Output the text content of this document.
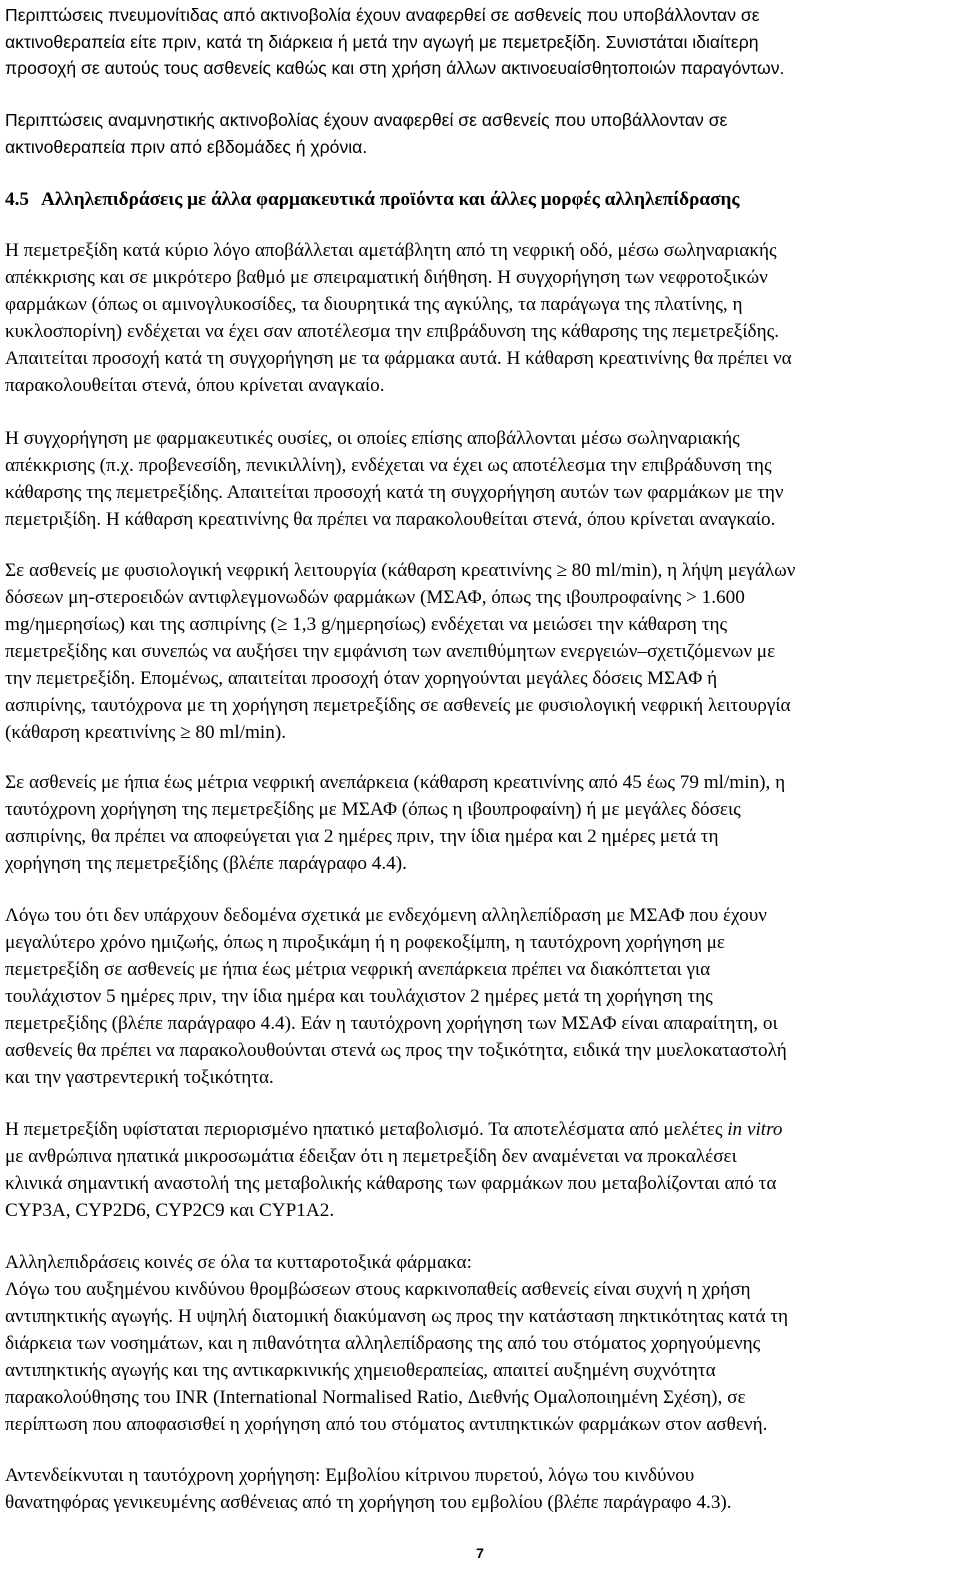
Περιπτώσεις πνευμονίτιδας από ακτινοβολία έχουν αναφερθεί σε ασθενείς που υποβάλλονταν σε
ακτινοθεραπεία είτε πριν, κατά τη διάρκεια ή μετά την αγωγή με πεμετρεξίδη. Συνιστάται ιδιαίτερη
προσοχή σε αυτούς τους ασθενείς καθώς και στη χρήση άλλων ακτινοευαίσθητοποιών παραγόντων.
Περιπτώσεις αναμνηστικής ακτινοβολίας έχουν αναφερθεί σε ασθενείς που υποβάλλονταν σε
ακτινοθεραπεία πριν από εβδομάδες ή χρόνια.
4.5 Αλληλεπιδράσεις με άλλα φαρμακευτικά προϊόντα και άλλες μορφές αλληλεπίδρασης
Η πεμετρεξίδη κατά κύριο λόγο αποβάλλεται αμετάβλητη από τη νεφρική οδό, μέσω σωληναριακής
απέκκρισης και σε μικρότερο βαθμό με σπειραματική διήθηση. Η συγχορήγηση των νεφροτοξικών
φαρμάκων (όπως οι αμινογλυκοσίδες, τα διουρητικά της αγκύλης, τα παράγωγα της πλατίνης, η
κυκλοσπορίνη) ενδέχεται να έχει σαν αποτέλεσμα την επιβράδυνση της κάθαρσης της πεμετρεξίδης.
Απαιτείται προσοχή κατά τη συγχορήγηση με τα φάρμακα αυτά. Η κάθαρση κρεατινίνης θα πρέπει να
παρακολουθείται στενά, όπου κρίνεται αναγκαίο.
Η συγχορήγηση με φαρμακευτικές ουσίες, οι οποίες επίσης αποβάλλονται μέσω σωληναριακής
απέκκρισης (π.χ. προβενεσίδη, πενικιλλίνη), ενδέχεται να έχει ως αποτέλεσμα την επιβράδυνση της
κάθαρσης της πεμετρεξίδης. Απαιτείται προσοχή κατά τη συγχορήγηση αυτών των φαρμάκων με την
πεμετριξίδη. Η κάθαρση κρεατινίνης θα πρέπει να παρακολουθείται στενά, όπου κρίνεται αναγκαίο.
Σε ασθενείς με φυσιολογική νεφρική λειτουργία (κάθαρση κρεατινίνης ≥ 80 ml/min), η λήψη μεγάλων
δόσεων μη-στεροειδών αντιφλεγμονωδών φαρμάκων (ΜΣΑΦ, όπως της ιβουπροφαίνης > 1.600
mg/ημερησίως) και της ασπιρίνης (≥ 1,3 g/ημερησίως) ενδέχεται να μειώσει την κάθαρση της
πεμετρεξίδης και συνεπώς να αυξήσει την εμφάνιση των ανεπιθύμητων ενεργειών–σχετιζόμενων με
την πεμετρεξίδη. Επομένως, απαιτείται προσοχή όταν χορηγούνται μεγάλες δόσεις ΜΣΑΦ ή
ασπιρίνης, ταυτόχρονα με τη χορήγηση πεμετρεξίδης σε ασθενείς με φυσιολογική νεφρική λειτουργία
(κάθαρση κρεατινίνης ≥ 80 ml/min).
Σε ασθενείς με ήπια έως μέτρια νεφρική ανεπάρκεια (κάθαρση κρεατινίνης από 45 έως 79 ml/min), η
ταυτόχρονη χορήγηση της πεμετρεξίδης με ΜΣΑΦ (όπως η ιβουπροφαίνη) ή με μεγάλες δόσεις
ασπιρίνης, θα πρέπει να αποφεύγεται για 2 ημέρες πριν, την ίδια ημέρα και 2 ημέρες μετά τη
χορήγηση της πεμετρεξίδης (βλέπε παράγραφο 4.4).
Λόγω του ότι δεν υπάρχουν δεδομένα σχετικά με ενδεχόμενη αλληλεπίδραση με ΜΣΑΦ που έχουν
μεγαλύτερο χρόνο ημιζωής, όπως η πιροξικάμη ή η ροφεκοξίμπη, η ταυτόχρονη χορήγηση με
πεμετρεξίδη σε ασθενείς με ήπια έως μέτρια νεφρική ανεπάρκεια πρέπει να διακόπτεται για
τουλάχιστον 5 ημέρες πριν, την ίδια ημέρα και τουλάχιστον 2 ημέρες μετά τη χορήγηση της
πεμετρεξίδης (βλέπε παράγραφο 4.4). Εάν η ταυτόχρονη χορήγηση των ΜΣΑΦ είναι απαραίτητη, οι
ασθενείς θα πρέπει να παρακολουθούνται στενά ως προς την τοξικότητα, ειδικά την μυελοκαταστολή
και την γαστρεντερική τοξικότητα.
Η πεμετρεξίδη υφίσταται περιορισμένο ηπατικό μεταβολισμό. Τα αποτελέσματα από μελέτες in vitro
με ανθρώπινα ηπατικά μικροσωμάτια έδειξαν ότι η πεμετρεξίδη δεν αναμένεται να προκαλέσει
κλινικά σημαντική αναστολή της μεταβολικής κάθαρσης των φαρμάκων που μεταβολίζονται από τα
CYP3A, CYP2D6, CYP2C9 και CYP1A2.
Αλληλεπιδράσεις κοινές σε όλα τα κυτταροτοξικά φάρμακα:
Λόγω του αυξημένου κινδύνου θρομβώσεων στους καρκινοπαθείς ασθενείς είναι συχνή η χρήση
αντιπηκτικής αγωγής. Η υψηλή διατομική διακύμανση ως προς την κατάσταση πηκτικότητας κατά τη
διάρκεια των νοσημάτων, και η πιθανότητα αλληλεπίδρασης της από του στόματος χορηγούμενης
αντιπηκτικής αγωγής και της αντικαρκινικής χημειοθεραπείας, απαιτεί αυξημένη συχνότητα
παρακολούθησης του INR (International Normalised Ratio, Διεθνής Ομαλοποιημένη Σχέση), σε
περίπτωση που αποφασισθεί η χορήγηση από του στόματος αντιπηκτικών φαρμάκων στον ασθενή.
Αντενδείκνυται η ταυτόχρονη χορήγηση: Εμβολίου κίτρινου πυρετού, λόγω του κινδύνου
θανατηφόρας γενικευμένης ασθένειας από τη χορήγηση του εμβολίου (βλέπε παράγραφο 4.3).
7
